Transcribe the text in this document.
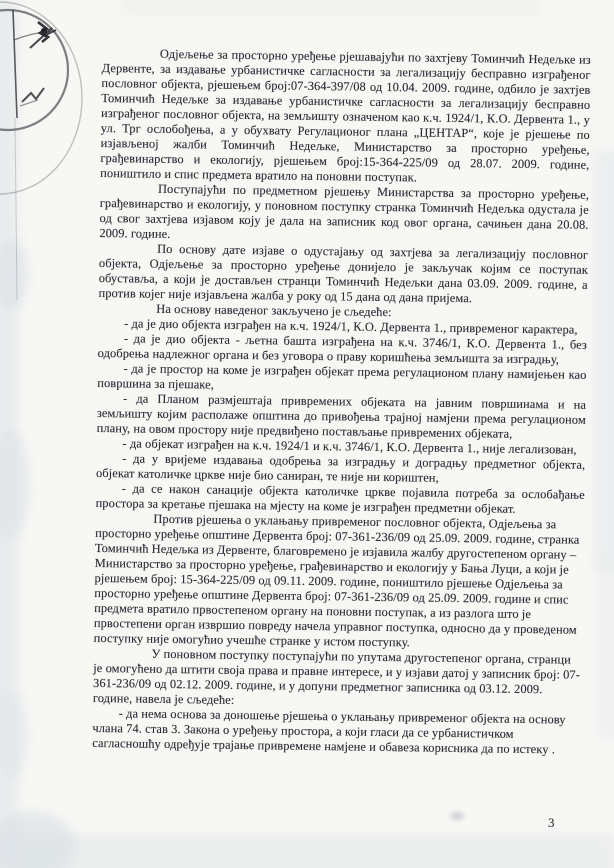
Одјељење за просторно уређење рјешавајући по захтјеву Томинчић Недељке из Дервенте, за издавање урбанистичке сагласности за легализацију бесправно изграђеног пословног објекта, рјешењем број:07-364-397/08 од 10.04. 2009. године, одбило је захтјев Томинчић Недељке за издавање урбанистичке сагласности за легализацију бесправно изграђеног пословног објекта, на земљишту означеном као к.ч. 1924/1, К.О. Дервента 1., у ул. Трг ослобођења, а у обухвату Регулационог плана „ЦЕНТАР“, које је рјешење по изјављеној жалби Томинчић Недељке, Министарство за просторно уређење, грађевинарство и екологију, рјешењем број:15-364-225/09 од 28.07. 2009. године, поништило и спис предмета вратило на поновни поступак.

Поступајући по предметном рјешењу Министарства за просторно уређење, грађевинарство и екологију, у поновном поступку странка Томинчић Недељка одустала је од свог захтјева изјавом коју је дала на записник код овог органа, сачињен дана 20.08. 2009. године.

По основу дате изјаве о одустајању од захтјева за легализацију пословног објекта, Одјељење за просторно уређење донијело је закључак којим се поступак обуставља, а који је достављен странци Томинчић Недељки дана 03.09. 2009. године, а против којег није изјављена жалба у року од 15 дана од дана пријема.

На основу наведеног закључено је сљедеће:

- да је дио објекта изграђен на к.ч. 1924/1, К.О. Дервента 1., привременог карактера,

- да је дио објекта - љетна башта изграђена на к.ч. 3746/1, К.О. Дервента 1., без одобрења надлежног органа и без уговора о праву коришћења земљишта за изградњу,

- да је простор на коме је изграђен објекат према регулационом плану намијењен као површина за пјешаке,

- да Планом размјештаја привремених објеката на јавним површинама и на земљишту којим располаже општина до привођења трајној намјени према регулационом плану, на овом простору није предвиђено постављање привремених објеката,

- да објекат изграђен на к.ч. 1924/1 и к.ч. 3746/1, К.О. Дервента 1., није легализован,

- да у вријеме издавања одобрења за изградњу и доградњу предметног објекта, објекат католичке цркве није био саниран, те није ни кориштен,

- да се након санације објекта католичке цркве појавила потреба за ослобађање простора за кретање пјешака на мјесту на коме је изграђен предметни објекат.

Против рјешења о уклањању привременог пословног објекта, Одјељења за просторно уређење општине Дервента број: 07-361-236/09 од 25.09. 2009. године, странка Томинчић Недељка из Дервенте, благовремено је изјавила жалбу другостепеном органу – Министарство за просторно уређење, грађевинарство и екологију у Бања Луци, а који је рјешењем број: 15-364-225/09 од 09.11. 2009. године, поништило рјешење Одјељења за просторно уређење општине Дервента број: 07-361-236/09 од 25.09. 2009. године и спис предмета вратило првостепеном органу на поновни поступак, а из разлога што је првостепени орган извршио повреду начела управног поступка, односно да у проведеном поступку није омогућио учешће странке у истом поступку.

У поновном поступку поступајући по упутама другостепеног органа, странци је омогућено да штити своја права и правне интересе, и у изјави датој у записник број: 07-361-236/09 од 02.12. 2009. године, и у допуни предметног записника од 03.12. 2009. године, навела је сљедеће:

- да нема основа за доношење рјешења о уклањању привременог објекта на основу члана 74. став 3. Закона о уређењу простора, а који гласи да се урбанистичком сагласношћу одређује трајање привремене намјене и обавеза корисника да по истеку .

3
